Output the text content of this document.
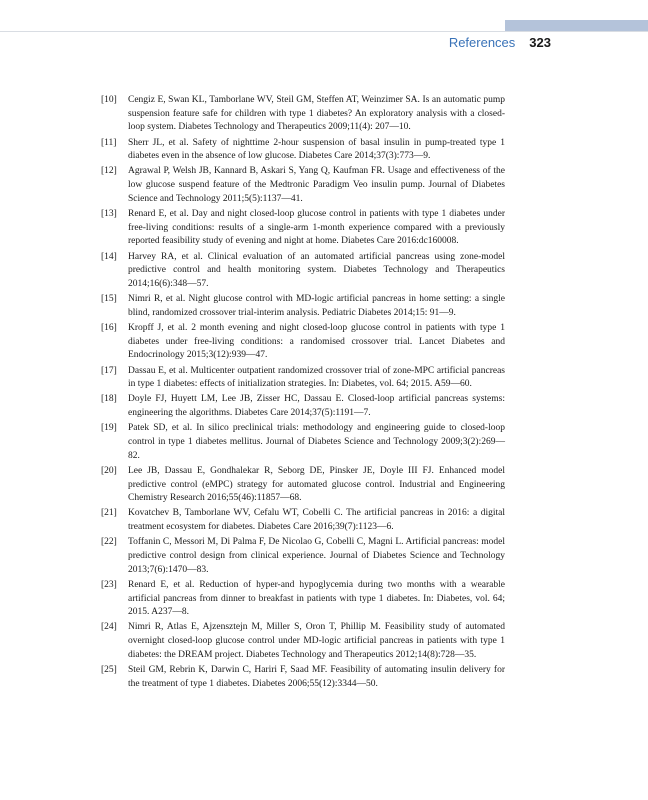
References 323
[10]	Cengiz E, Swan KL, Tamborlane WV, Steil GM, Steffen AT, Weinzimer SA. Is an automatic pump suspension feature safe for children with type 1 diabetes? An exploratory analysis with a closed-loop system. Diabetes Technology and Therapeutics 2009;11(4): 207—10.
[11]	Sherr JL, et al. Safety of nighttime 2-hour suspension of basal insulin in pump-treated type 1 diabetes even in the absence of low glucose. Diabetes Care 2014;37(3):773—9.
[12]	Agrawal P, Welsh JB, Kannard B, Askari S, Yang Q, Kaufman FR. Usage and effectiveness of the low glucose suspend feature of the Medtronic Paradigm Veo insulin pump. Journal of Diabetes Science and Technology 2011;5(5):1137—41.
[13]	Renard E, et al. Day and night closed-loop glucose control in patients with type 1 diabetes under free-living conditions: results of a single-arm 1-month experience compared with a previously reported feasibility study of evening and night at home. Diabetes Care 2016:dc160008.
[14]	Harvey RA, et al. Clinical evaluation of an automated artificial pancreas using zone-model predictive control and health monitoring system. Diabetes Technology and Therapeutics 2014;16(6):348—57.
[15]	Nimri R, et al. Night glucose control with MD-logic artificial pancreas in home setting: a single blind, randomized crossover trial-interim analysis. Pediatric Diabetes 2014;15: 91—9.
[16]	Kropff J, et al. 2 month evening and night closed-loop glucose control in patients with type 1 diabetes under free-living conditions: a randomised crossover trial. Lancet Diabetes and Endocrinology 2015;3(12):939—47.
[17]	Dassau E, et al. Multicenter outpatient randomized crossover trial of zone-MPC artificial pancreas in type 1 diabetes: effects of initialization strategies. In: Diabetes, vol. 64; 2015. A59—60.
[18]	Doyle FJ, Huyett LM, Lee JB, Zisser HC, Dassau E. Closed-loop artificial pancreas systems: engineering the algorithms. Diabetes Care 2014;37(5):1191—7.
[19]	Patek SD, et al. In silico preclinical trials: methodology and engineering guide to closed-loop control in type 1 diabetes mellitus. Journal of Diabetes Science and Technology 2009;3(2):269—82.
[20]	Lee JB, Dassau E, Gondhalekar R, Seborg DE, Pinsker JE, Doyle III FJ. Enhanced model predictive control (eMPC) strategy for automated glucose control. Industrial and Engineering Chemistry Research 2016;55(46):11857—68.
[21]	Kovatchev B, Tamborlane WV, Cefalu WT, Cobelli C. The artificial pancreas in 2016: a digital treatment ecosystem for diabetes. Diabetes Care 2016;39(7):1123—6.
[22]	Toffanin C, Messori M, Di Palma F, De Nicolao G, Cobelli C, Magni L. Artificial pancreas: model predictive control design from clinical experience. Journal of Diabetes Science and Technology 2013;7(6):1470—83.
[23]	Renard E, et al. Reduction of hyper-and hypoglycemia during two months with a wearable artificial pancreas from dinner to breakfast in patients with type 1 diabetes. In: Diabetes, vol. 64; 2015. A237—8.
[24]	Nimri R, Atlas E, Ajzensztejn M, Miller S, Oron T, Phillip M. Feasibility study of automated overnight closed-loop glucose control under MD-logic artificial pancreas in patients with type 1 diabetes: the DREAM project. Diabetes Technology and Therapeutics 2012;14(8):728—35.
[25]	Steil GM, Rebrin K, Darwin C, Hariri F, Saad MF. Feasibility of automating insulin delivery for the treatment of type 1 diabetes. Diabetes 2006;55(12):3344—50.
